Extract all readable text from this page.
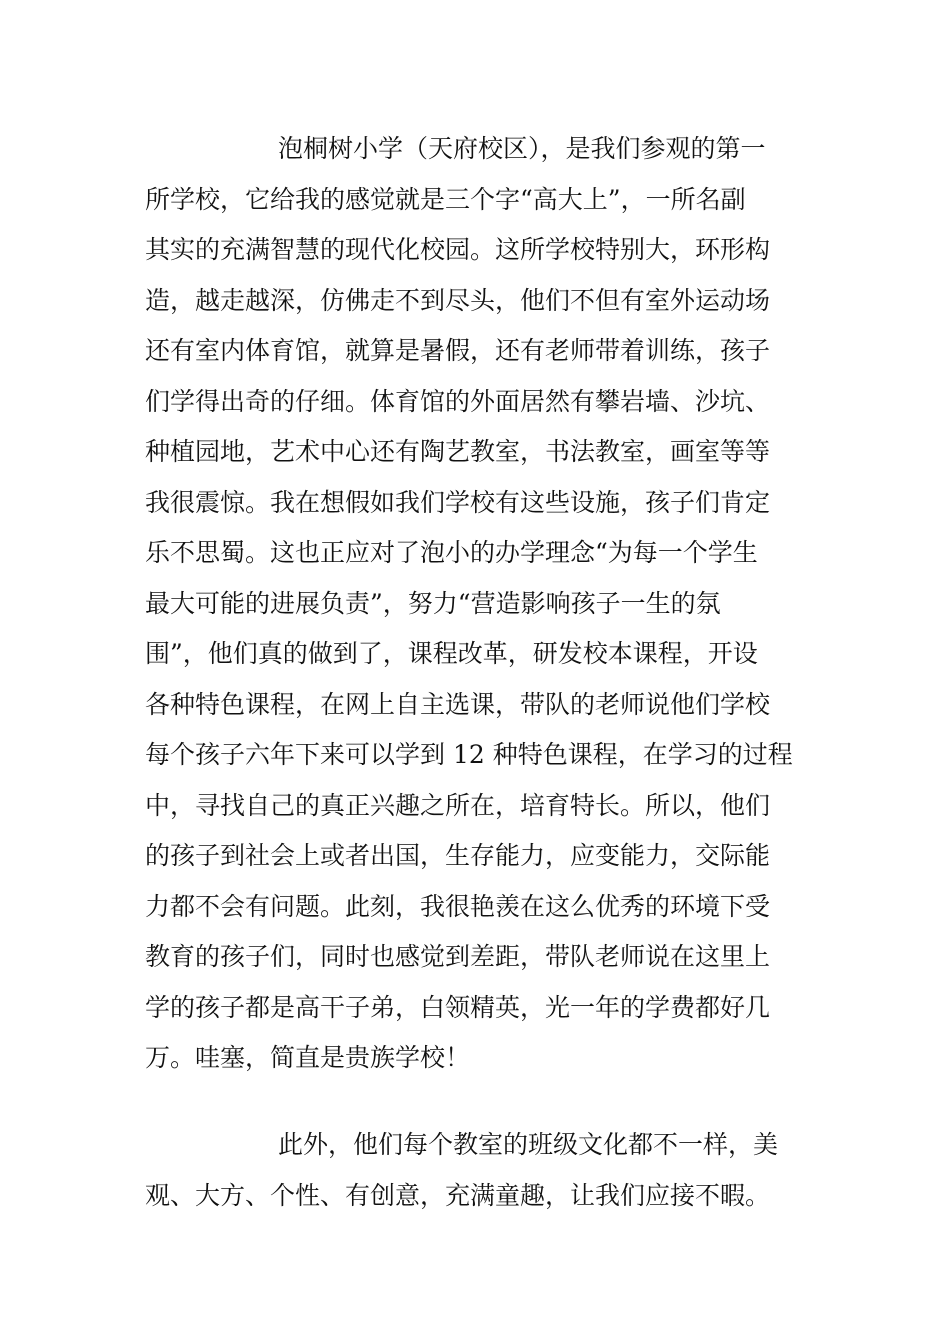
泡桐树小学（天府校区），是我们参观的第一
所学校，它给我的感觉就是三个字“高大上”，一所名副
其实的充满智慧的现代化校园。这所学校特别大，环形构
造，越走越深，仿佛走不到尽头，他们不但有室外运动场
还有室内体育馆，就算是暑假，还有老师带着训练，孩子
们学得出奇的仔细。体育馆的外面居然有攀岩墙、沙坑、
种植园地，艺术中心还有陶艺教室，书法教室，画室等等
我很震惊。我在想假如我们学校有这些设施，孩子们肯定
乐不思蜀。这也正应对了泡小的办学理念“为每一个学生
最大可能的进展负责”，努力“营造影响孩子一生的氛
围”，他们真的做到了，课程改革，研发校本课程，开设
各种特色课程，在网上自主选课，带队的老师说他们学校
每个孩子六年下来可以学到 12 种特色课程，在学习的过程
中，寻找自己的真正兴趣之所在，培育特长。所以，他们
的孩子到社会上或者出国，生存能力，应变能力，交际能
力都不会有问题。此刻，我很艳羡在这么优秀的环境下受
教育的孩子们，同时也感觉到差距，带队老师说在这里上
学的孩子都是高干子弟，白领精英，光一年的学费都好几
万。哇塞，简直是贵族学校！
此外，他们每个教室的班级文化都不一样，美
观、大方、个性、有创意，充满童趣，让我们应接不暇。
